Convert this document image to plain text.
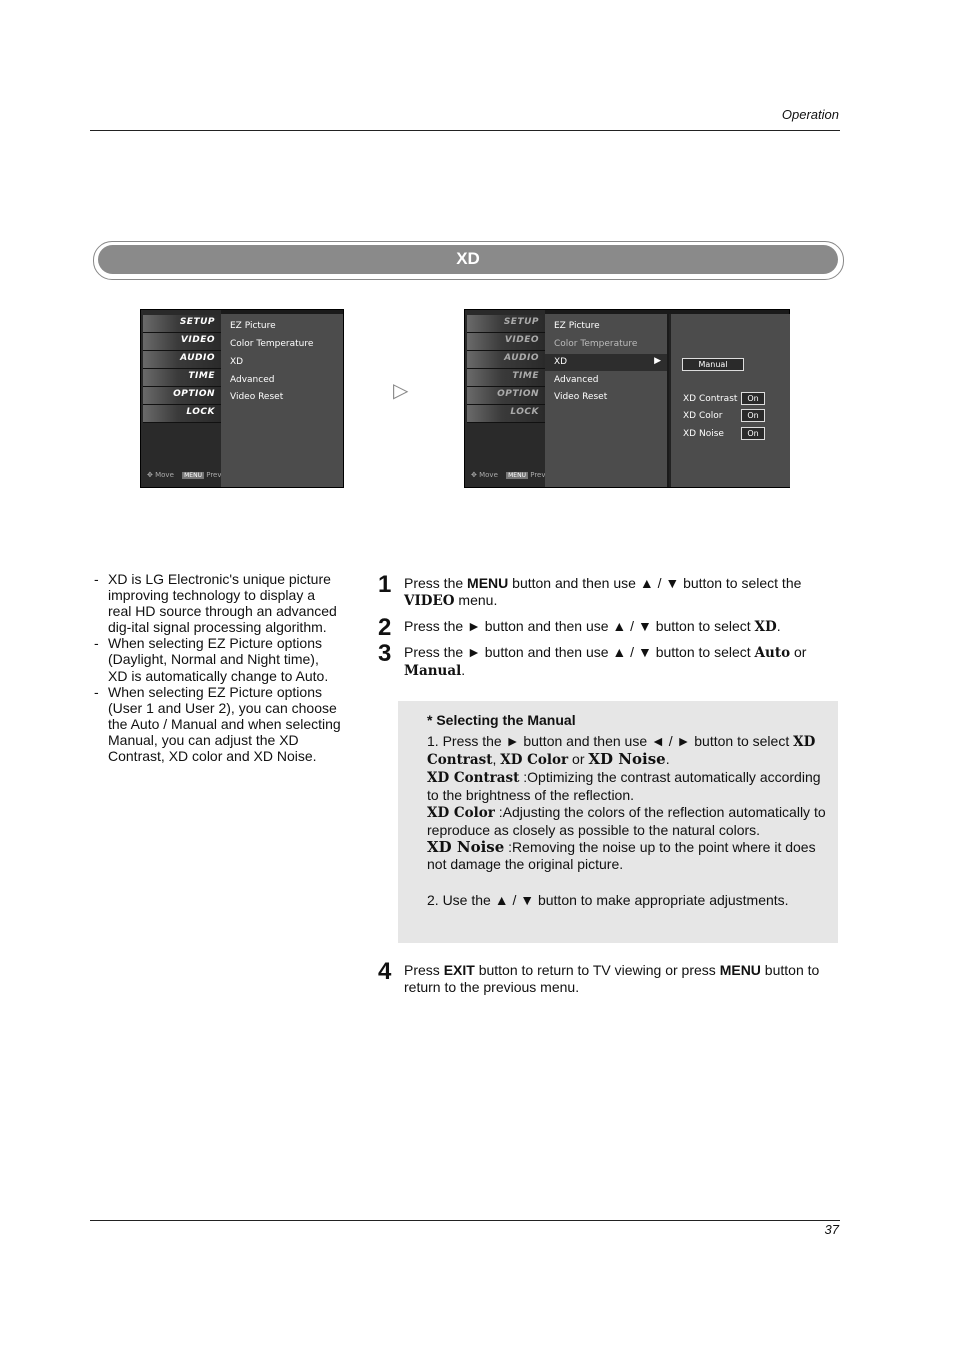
Operation
XD
SETUP
VIDEO
AUDIO
TIME
OPTION
LOCK
✥ Move MENU Prev
EZ Picture
Color Temperature
XD
Advanced
Video Reset	▷
SETUP
VIDEO
AUDIO
TIME
OPTION
LOCK
✥ Move MENU Prev
EZ Picture
Color Temperature
XD	▶
Advanced
Video Reset
Manual
XD Contrast	On
XD Color	On
XD Noise	On
- XD is LG Electronic's unique picture improving technology to display a real HD source through an advanced dig-ital signal processing algorithm.
- When selecting EZ Picture options (Daylight, Normal and Night time), XD is automatically change to Auto.
- When selecting EZ Picture options (User 1 and User 2), you can choose the Auto / Manual and when selecting Manual, you can adjust the XD Contrast, XD color and XD Noise.
1 Press the MENU button and then use ▲ / ▼ button to select the VIDEO menu.
2 Press the ► button and then use ▲ / ▼ button to select XD.
3 Press the ► button and then use ▲ / ▼ button to select Auto or Manual.

* Selecting the Manual

1. Press the ► button and then use ◄ / ► button to select XD Contrast, XD Color or XD Noise.

XD Contrast :Optimizing the contrast automatically according to the brightness of the reflection.

XD Color :Adjusting the colors of the reflection automatically to reproduce as closely as possible to the natural colors.

XD Noise :Removing the noise up to the point where it does not damage the original picture.

2. Use the ▲ / ▼ button to make appropriate adjustments.

4 Press EXIT button to return to TV viewing or press MENU button to return to the previous menu.
37
